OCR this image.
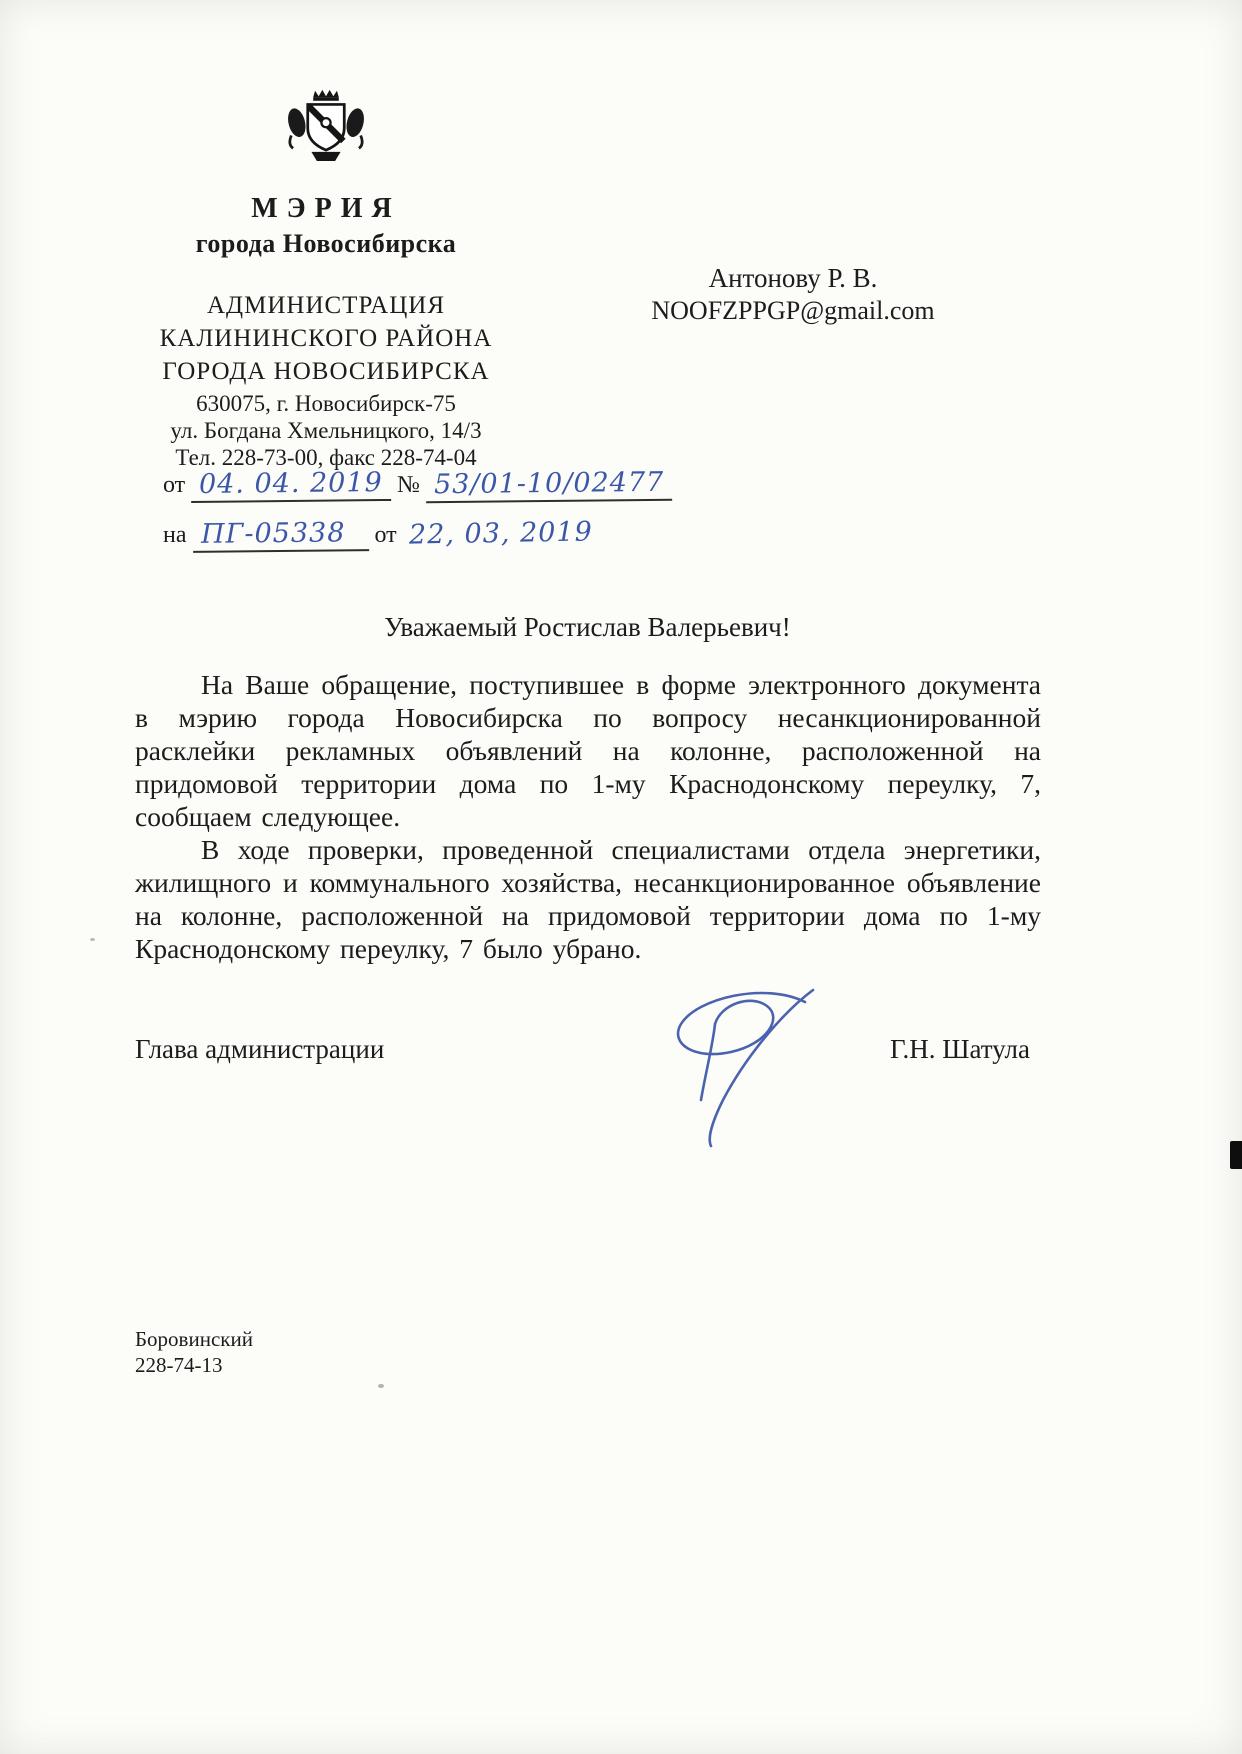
МЭРИЯ
города Новосибирска
АДМИНИСТРАЦИЯ
КАЛИНИНСКОГО РАЙОНА
ГОРОДА НОВОСИБИРСКА
630075, г. Новосибирск-75
ул. Богдана Хмельницкого, 14/3
Тел. 228-73-00, факс 228-74-04
Антонову Р. В.
NOOFZPPGP@gmail.com
от 04. 04. 2019 № 53/01-10/02477
на ПГ-05338 от 22, 03, 2019
Уважаемый Ростислав Валерьевич!

На Ваше обращение, поступившее в форме электронного документа в мэрию города Новосибирска по вопросу несанкционированной расклейки рекламных объявлений на колонне, расположенной на придомовой территории дома по 1-му Краснодонскому переулку, 7, сообщаем следующее.

В ходе проверки, проведенной специалистами отдела энергетики, жилищного и коммунального хозяйства, несанкционированное объявление на колонне, расположенной на придомовой территории дома по 1-му Краснодонскому переулку, 7 было убрано.

Глава администрации	Г.Н. Шатула
Боровинский
228-74-13
